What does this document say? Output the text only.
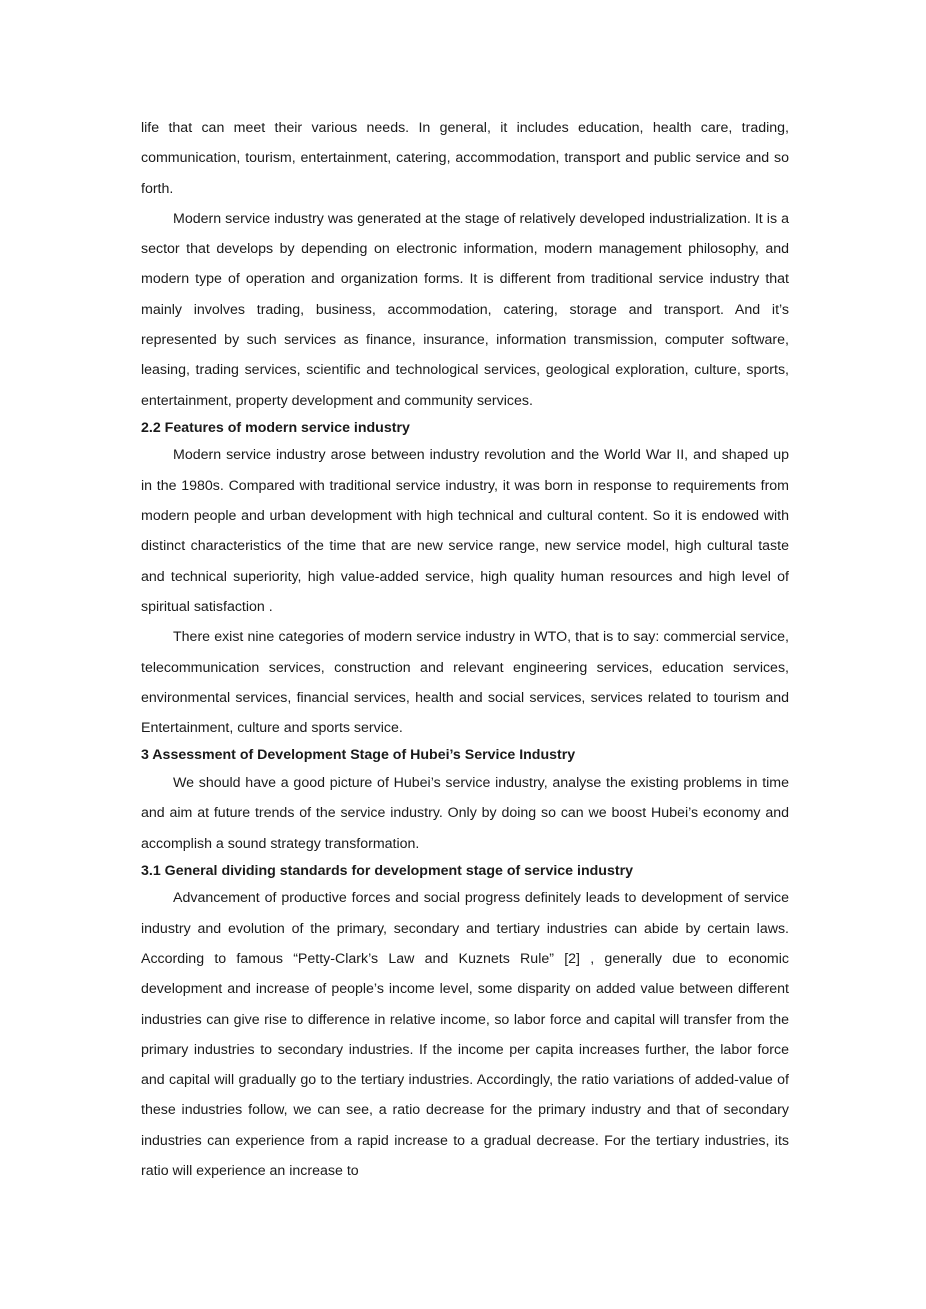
life that can meet their various needs. In general, it includes education, health care, trading, communication, tourism, entertainment, catering, accommodation, transport and public service and so forth.

Modern service industry was generated at the stage of relatively developed industrialization. It is a sector that develops by depending on electronic information, modern management philosophy, and modern type of operation and organization forms. It is different from traditional service industry that mainly involves trading, business, accommodation, catering, storage and transport. And it’s represented by such services as finance, insurance, information transmission, computer software, leasing, trading services, scientific and technological services, geological exploration, culture, sports, entertainment, property development and community services.

2.2 Features of modern service industry

Modern service industry arose between industry revolution and the World War II, and shaped up in the 1980s. Compared with traditional service industry, it was born in response to requirements from modern people and urban development with high technical and cultural content. So it is endowed with distinct characteristics of the time that are new service range, new service model, high cultural taste and technical superiority, high value-added service, high quality human resources and high level of spiritual satisfaction .

There exist nine categories of modern service industry in WTO, that is to say: commercial service, telecommunication services, construction and relevant engineering services, education services, environmental services, financial services, health and social services, services related to tourism and Entertainment, culture and sports service.

3 Assessment of Development Stage of Hubei’s Service Industry

We should have a good picture of Hubei’s service industry, analyse the existing problems in time and aim at future trends of the service industry. Only by doing so can we boost Hubei’s economy and accomplish a sound strategy transformation.

3.1 General dividing standards for development stage of service industry

Advancement of productive forces and social progress definitely leads to development of service industry and evolution of the primary, secondary and tertiary industries can abide by certain laws. According to famous “Petty-Clark’s Law and Kuznets Rule” [2] , generally due to economic development and increase of people’s income level, some disparity on added value between different industries can give rise to difference in relative income, so labor force and capital will transfer from the primary industries to secondary industries. If the income per capita increases further, the labor force and capital will gradually go to the tertiary industries. Accordingly, the ratio variations of added-value of these industries follow, we can see, a ratio decrease for the primary industry and that of secondary industries can experience from a rapid increase to a gradual decrease. For the tertiary industries, its ratio will experience an increase to
